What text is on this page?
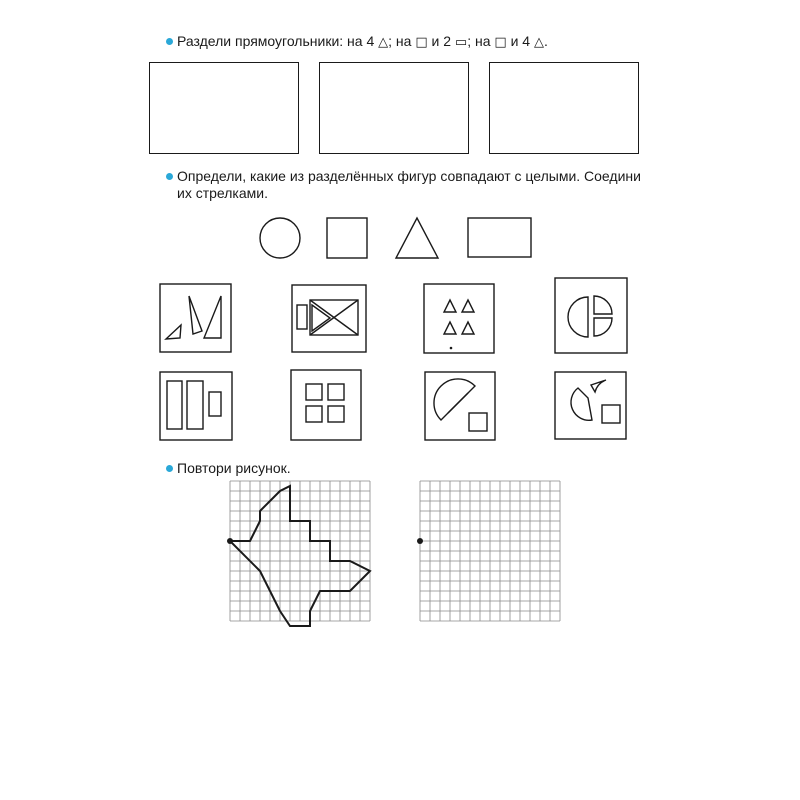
Раздели прямоугольники: на 4 △; на □ и 2 ▭; на □ и 4 △.

Определи, какие из разделённых фигур совпадают с целыми. Соедини их стрелками.

Повтори рисунок.
